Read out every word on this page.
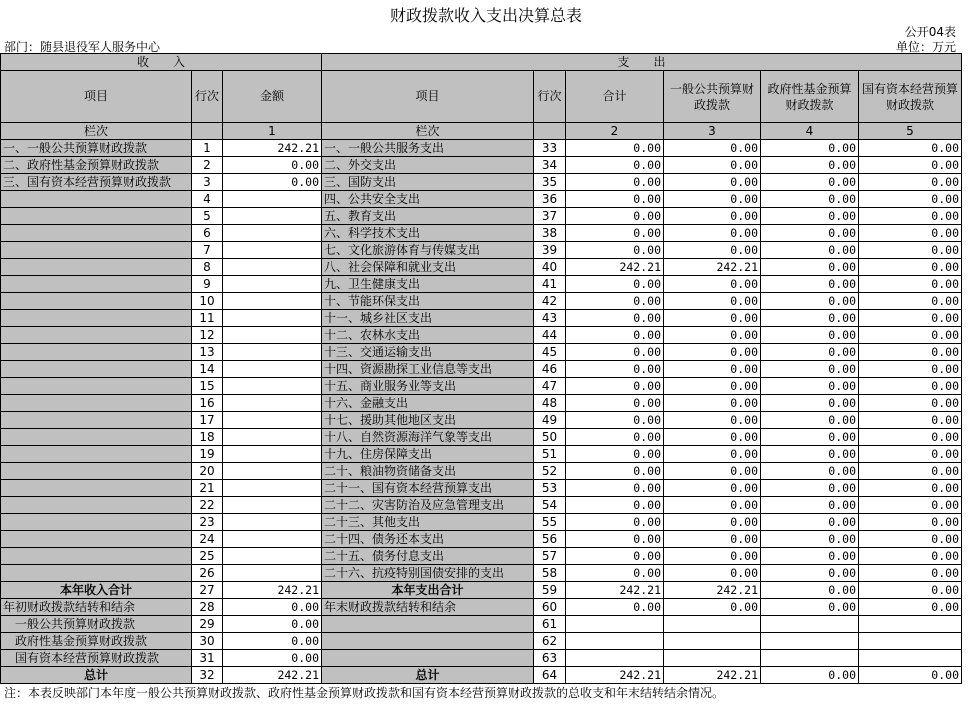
财政拨款收入支出决算总表
公开04表
部门：随县退役军人服务中心	单位：万元
收　　入			支　　出					
项目	行次	金额	项目	行次	合计	一般公共预算财政拨款	政府性基金预算财政拨款	国有资本经营预算财政拨款
栏次		1	栏次		2	3	4	5
一、一般公共预算财政拨款	1	242.21	一、一般公共服务支出	33	0.00	0.00	0.00	0.00
二、政府性基金预算财政拨款	2	0.00	二、外交支出	34	0.00	0.00	0.00	0.00
三、国有资本经营预算财政拨款	3	0.00	三、国防支出	35	0.00	0.00	0.00	0.00
	4		四、公共安全支出	36	0.00	0.00	0.00	0.00
	5		五、教育支出	37	0.00	0.00	0.00	0.00
	6		六、科学技术支出	38	0.00	0.00	0.00	0.00
	7		七、文化旅游体育与传媒支出	39	0.00	0.00	0.00	0.00
	8		八、社会保障和就业支出	40	242.21	242.21	0.00	0.00
	9		九、卫生健康支出	41	0.00	0.00	0.00	0.00
	10		十、节能环保支出	42	0.00	0.00	0.00	0.00
	11		十一、城乡社区支出	43	0.00	0.00	0.00	0.00
	12		十二、农林水支出	44	0.00	0.00	0.00	0.00
	13		十三、交通运输支出	45	0.00	0.00	0.00	0.00
	14		十四、资源勘探工业信息等支出	46	0.00	0.00	0.00	0.00
	15		十五、商业服务业等支出	47	0.00	0.00	0.00	0.00
	16		十六、金融支出	48	0.00	0.00	0.00	0.00
	17		十七、援助其他地区支出	49	0.00	0.00	0.00	0.00
	18		十八、自然资源海洋气象等支出	50	0.00	0.00	0.00	0.00
	19		十九、住房保障支出	51	0.00	0.00	0.00	0.00
	20		二十、粮油物资储备支出	52	0.00	0.00	0.00	0.00
	21		二十一、国有资本经营预算支出	53	0.00	0.00	0.00	0.00
	22		二十二、灾害防治及应急管理支出	54	0.00	0.00	0.00	0.00
	23		二十三、其他支出	55	0.00	0.00	0.00	0.00
	24		二十四、债务还本支出	56	0.00	0.00	0.00	0.00
	25		二十五、债务付息支出	57	0.00	0.00	0.00	0.00
	26		二十六、抗疫特别国债安排的支出	58	0.00	0.00	0.00	0.00
本年收入合计	27	242.21	本年支出合计	59	242.21	242.21	0.00	0.00
年初财政拨款结转和结余	28	0.00	年末财政拨款结转和结余	60	0.00	0.00	0.00	0.00
一般公共预算财政拨款	29	0.00		61				
政府性基金预算财政拨款	30	0.00		62				
国有资本经营预算财政拨款	31	0.00		63				
总计	32	242.21	总计	64	242.21	242.21	0.00	0.00
注：本表反映部门本年度一般公共预算财政拨款、政府性基金预算财政拨款和国有资本经营预算财政拨款的总收支和年末结转结余情况。
